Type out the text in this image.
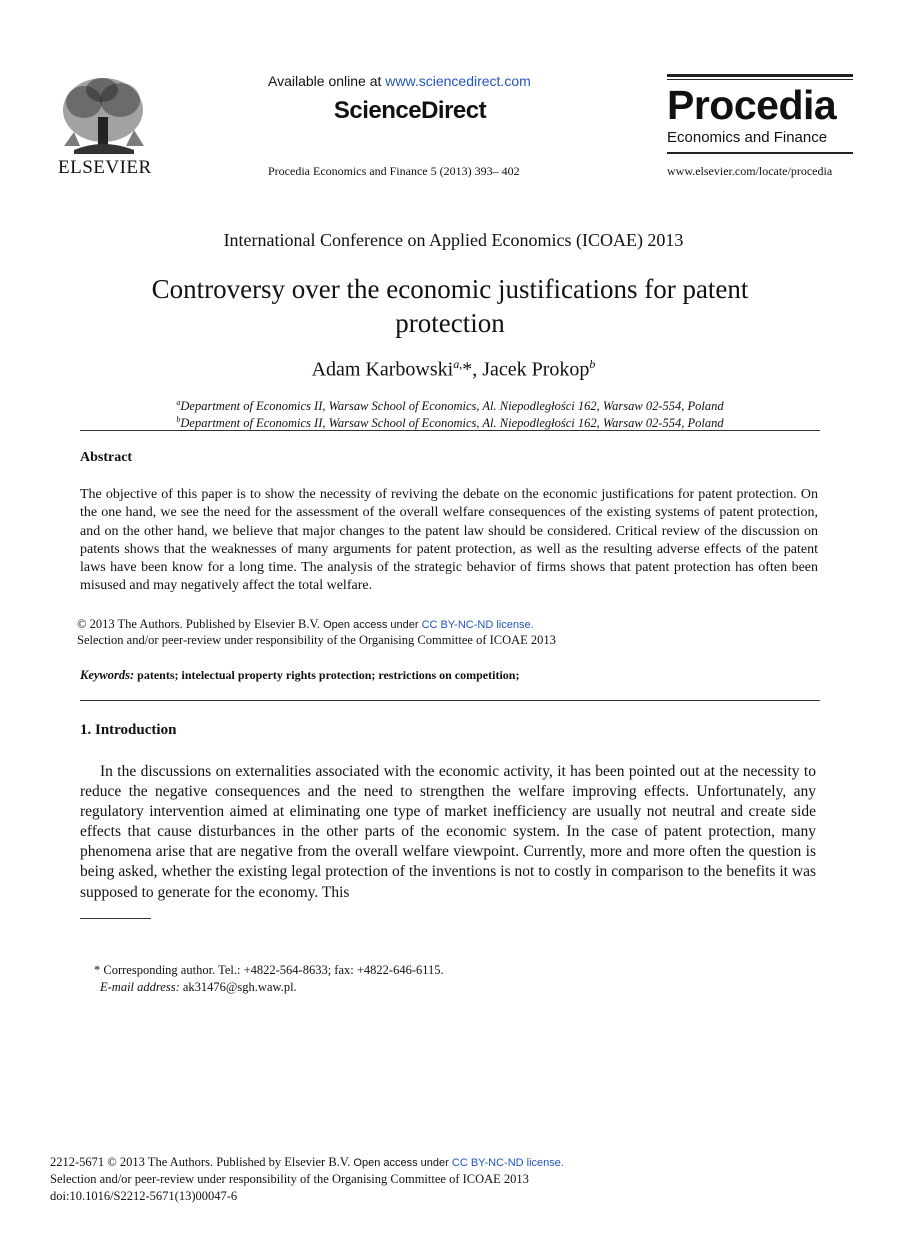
ELSEVIER
Available online at www.sciencedirect.com
ScienceDirect
Procedia Economics and Finance 5 (2013) 393– 402
Procedia
Economics and Finance
www.elsevier.com/locate/procedia
International Conference on Applied Economics (ICOAE) 2013
Controversy over the economic justifications for patent
protection
Adam Karbowski$^{a,}$*, Jacek Prokop$^b$
$^a$Department of Economics II, Warsaw School of Economics, Al. Niepodległości 162, Warsaw 02-554, Poland
$^b$Department of Economics II, Warsaw School of Economics, Al. Niepodległości 162, Warsaw 02-554, Poland
Abstract
The objective of this paper is to show the necessity of reviving the debate on the economic justifications for patent protection. On the one hand, we see the need for the assessment of the overall welfare consequences of the existing systems of patent protection, and on the other hand, we believe that major changes to the patent law should be considered. Critical review of the discussion on patents shows that the weaknesses of many arguments for patent protection, as well as the resulting adverse effects of the patent laws have been know for a long time. The analysis of the strategic behavior of firms shows that patent protection has often been misused and may negatively affect the total welfare.
© 2013 The Authors. Published by Elsevier B.V. Open access under CC BY-NC-ND license.
Selection and/or peer-review under responsibility of the Organising Committee of ICOAE 2013
Keywords: patents; intelectual property rights protection; restrictions on competition;
1. Introduction
In the discussions on externalities associated with the economic activity, it has been pointed out at the necessity to reduce the negative consequences and the need to strengthen the welfare improving effects. Unfortunately, any regulatory intervention aimed at eliminating one type of market inefficiency are usually not neutral and create side effects that cause disturbances in the other parts of the economic system. In the case of patent protection, many phenomena arise that are negative from the overall welfare viewpoint. Currently, more and more often the question is being asked, whether the existing legal protection of the inventions is not to costly in comparison to the benefits it was supposed to generate for the economy. This
* Corresponding author. Tel.: +4822-564-8633; fax: +4822-646-6115.
E-mail address: ak31476@sgh.waw.pl.
2212-5671 © 2013 The Authors. Published by Elsevier B.V. Open access under CC BY-NC-ND license.
Selection and/or peer-review under responsibility of the Organising Committee of ICOAE 2013
doi:10.1016/S2212-5671(13)00047-6
